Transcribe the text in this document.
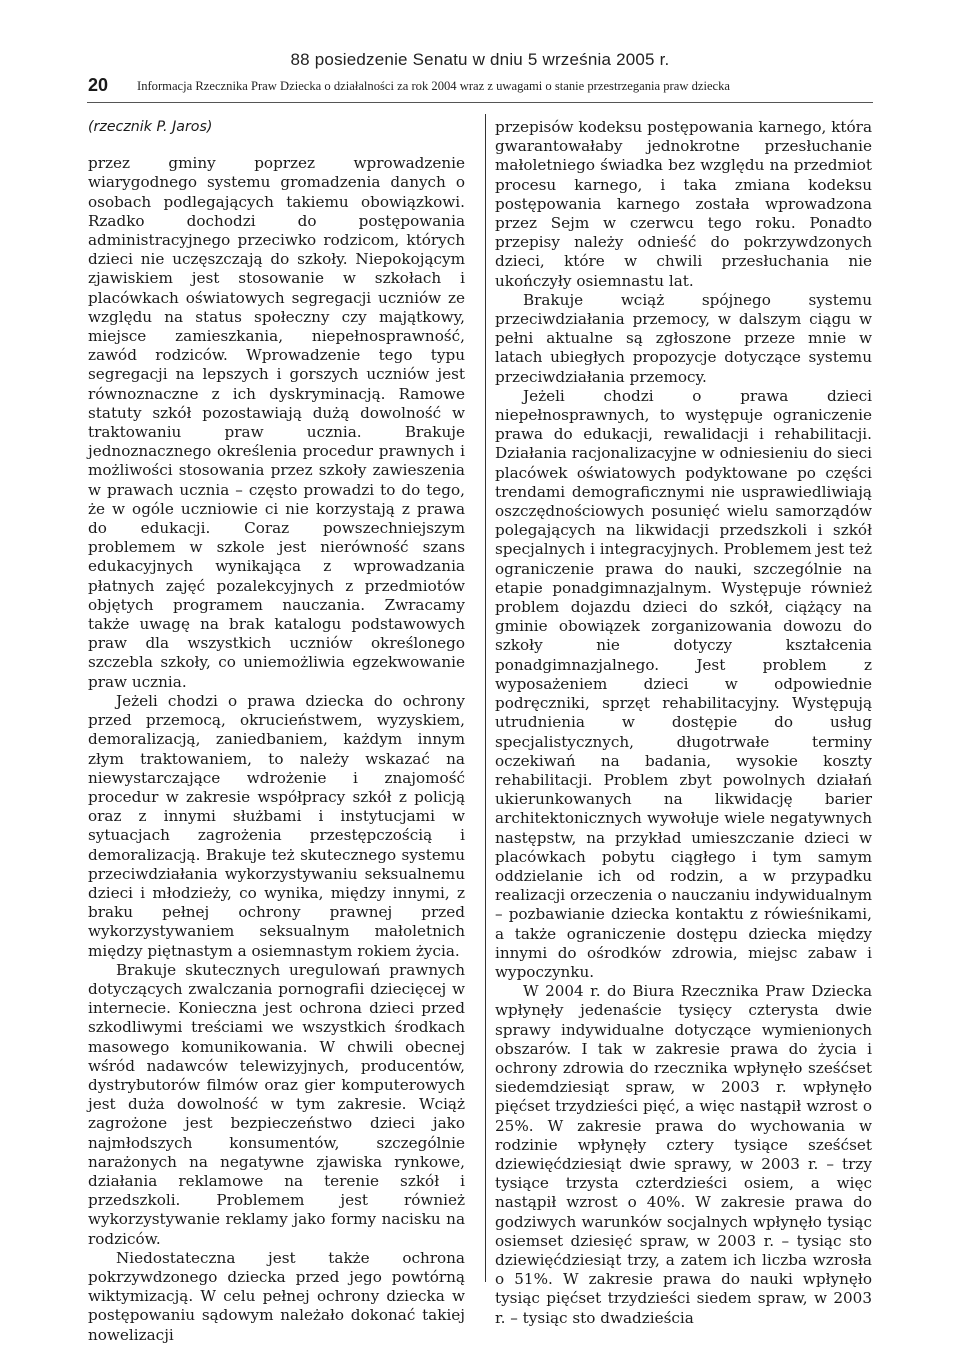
88 posiedzenie Senatu w dniu 5 września 2005 r.
20 Informacja Rzecznika Praw Dziecka o działalności za rok 2004 wraz z uwagami o stanie przestrzegania praw dziecka
(rzecznik P. Jaros)

przez gminy poprzez wprowadzenie wiarygodnego systemu gromadzenia danych o osobach podlegających takiemu obowiązkowi. Rzadko dochodzi do postępowania administracyjnego przeciwko rodzicom, których dzieci nie uczęszczają do szkoły. Niepokojącym zjawiskiem jest stosowanie w szkołach i placówkach oświatowych segregacji uczniów ze względu na status społeczny czy majątkowy, miejsce zamieszkania, niepełnosprawność, zawód rodziców. Wprowadzenie tego typu segregacji na lepszych i gorszych uczniów jest równoznaczne z ich dyskryminacją. Ramowe statuty szkół pozostawiają dużą dowolność w traktowaniu praw ucznia. Brakuje jednoznacznego określenia procedur prawnych i możliwości stosowania przez szkoły zawieszenia w prawach ucznia – często prowadzi to do tego, że w ogóle uczniowie ci nie korzystają z prawa do edukacji. Coraz powszechniejszym problemem w szkole jest nierówność szans edukacyjnych wynikająca z wprowadzania płatnych zajęć pozalekcyjnych z przedmiotów objętych programem nauczania. Zwracamy także uwagę na brak katalogu podstawowych praw dla wszystkich uczniów określonego szczebla szkoły, co uniemożliwia egzekwowanie praw ucznia.

Jeżeli chodzi o prawa dziecka do ochrony przed przemocą, okrucieństwem, wyzyskiem, demoralizacją, zaniedbaniem, każdym innym złym traktowaniem, to należy wskazać na niewystarczające wdrożenie i znajomość procedur w zakresie współpracy szkół z policją oraz z innymi służbami i instytucjami w sytuacjach zagrożenia przestępczością i demoralizacją. Brakuje też skutecznego systemu przeciwdziałania wykorzystywaniu seksualnemu dzieci i młodzieży, co wynika, między innymi, z braku pełnej ochrony prawnej przed wykorzystywaniem seksualnym małoletnich między piętnastym a osiemnastym rokiem życia.

Brakuje skutecznych uregulowań prawnych dotyczących zwalczania pornografii dziecięcej w internecie. Konieczna jest ochrona dzieci przed szkodliwymi treściami we wszystkich środkach masowego komunikowania. W chwili obecnej wśród nadawców telewizyjnych, producentów, dystrybutorów filmów oraz gier komputerowych jest duża dowolność w tym zakresie. Wciąż zagrożone jest bezpieczeństwo dzieci jako najmłodszych konsumentów, szczególnie narażonych na negatywne zjawiska rynkowe, działania reklamowe na terenie szkół i przedszkoli. Problemem jest również wykorzystywanie reklamy jako formy nacisku na rodziców.

Niedostateczna jest także ochrona pokrzywdzonego dziecka przed jego powtórną wiktymizacją. W celu pełnej ochrony dziecka w postępowaniu sądowym należało dokonać takiej nowelizacji

przepisów kodeksu postępowania karnego, która gwarantowałaby jednokrotne przesłuchanie małoletniego świadka bez względu na przedmiot procesu karnego, i taka zmiana kodeksu postępowania karnego została wprowadzona przez Sejm w czerwcu tego roku. Ponadto przepisy należy odnieść do pokrzywdzonych dzieci, które w chwili przesłuchania nie ukończyły osiemnastu lat.

Brakuje wciąż spójnego systemu przeciwdziałania przemocy, w dalszym ciągu w pełni aktualne są zgłoszone przeze mnie w latach ubiegłych propozycje dotyczące systemu przeciwdziałania przemocy.

Jeżeli chodzi o prawa dzieci niepełnosprawnych, to występuje ograniczenie prawa do edukacji, rewalidacji i rehabilitacji. Działania racjonalizacyjne w odniesieniu do sieci placówek oświatowych podyktowane po części trendami demograficznymi nie usprawiedliwiają oszczędnościowych posunięć wielu samorządów polegających na likwidacji przedszkoli i szkół specjalnych i integracyjnych. Problemem jest też ograniczenie prawa do nauki, szczególnie na etapie ponadgimnazjalnym. Występuje również problem dojazdu dzieci do szkół, ciążący na gminie obowiązek zorganizowania dowozu do szkoły nie dotyczy kształcenia ponadgimnazjalnego. Jest problem z wyposażeniem dzieci w odpowiednie podręczniki, sprzęt rehabilitacyjny. Występują utrudnienia w dostępie do usług specjalistycznych, długotrwałe terminy oczekiwań na badania, wysokie koszty rehabilitacji. Problem zbyt powolnych działań ukierunkowanych na likwidację barier architektonicznych wywołuje wiele negatywnych następstw, na przykład umieszczanie dzieci w placówkach pobytu ciągłego i tym samym oddzielanie ich od rodzin, a w przypadku realizacji orzeczenia o nauczaniu indywidualnym – pozbawianie dziecka kontaktu z rówieśnikami, a także ograniczenie dostępu dziecka między innymi do ośrodków zdrowia, miejsc zabaw i wypoczynku.

W 2004 r. do Biura Rzecznika Praw Dziecka wpłynęły jedenaście tysięcy czterysta dwie sprawy indywidualne dotyczące wymienionych obszarów. I tak w zakresie prawa do życia i ochrony zdrowia do rzecznika wpłynęło sześćset siedemdziesiąt spraw, w 2003 r. wpłynęło pięćset trzydzieści pięć, a więc nastąpił wzrost o 25%. W zakresie prawa do wychowania w rodzinie wpłynęły cztery tysiące sześćset dziewięćdziesiąt dwie sprawy, w 2003 r. – trzy tysiące trzysta czterdzieści osiem, a więc nastąpił wzrost o 40%. W zakresie prawa do godziwych warunków socjalnych wpłynęło tysiąc osiemset dziesięć spraw, w 2003 r. – tysiąc sto dziewięćdziesiąt trzy, a zatem ich liczba wzrosła o 51%. W zakresie prawa do nauki wpłynęło tysiąc pięćset trzydzieści siedem spraw, w 2003 r. – tysiąc sto dwadzieścia
